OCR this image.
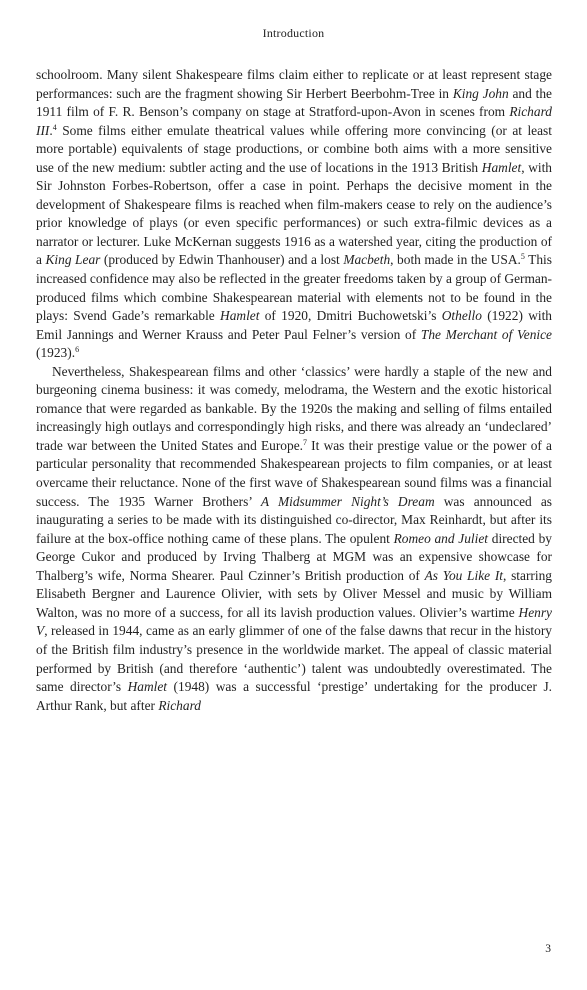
Introduction

schoolroom. Many silent Shakespeare films claim either to replicate or at least represent stage performances: such are the fragment showing Sir Herbert Beerbohm-Tree in King John and the 1911 film of F. R. Benson’s company on stage at Stratford-upon-Avon in scenes from Richard III.$^4$ Some films either emulate theatrical values while offering more convincing (or at least more portable) equivalents of stage productions, or combine both aims with a more sensitive use of the new medium: subtler acting and the use of locations in the 1913 British Hamlet, with Sir Johnston Forbes-Robertson, offer a case in point. Perhaps the decisive moment in the development of Shakespeare films is reached when film-makers cease to rely on the audience’s prior knowledge of plays (or even specific performances) or such extra-filmic devices as a narrator or lecturer. Luke McKernan suggests 1916 as a watershed year, citing the production of a King Lear (produced by Edwin Thanhouser) and a lost Macbeth, both made in the USA.$^5$ This increased confidence may also be reflected in the greater freedoms taken by a group of German-produced films which combine Shakespearean material with elements not to be found in the plays: Svend Gade’s remarkable Hamlet of 1920, Dmitri Buchowetski’s Othello (1922) with Emil Jannings and Werner Krauss and Peter Paul Felner’s version of The Merchant of Venice (1923).$^6$

Nevertheless, Shakespearean films and other ‘classics’ were hardly a staple of the new and burgeoning cinema business: it was comedy, melodrama, the Western and the exotic historical romance that were regarded as bankable. By the 1920s the making and selling of films entailed increasingly high outlays and correspondingly high risks, and there was already an ‘undeclared’ trade war between the United States and Europe.$^7$ It was their prestige value or the power of a particular personality that recommended Shakespearean projects to film companies, or at least overcame their reluctance. None of the first wave of Shakespearean sound films was a financial success. The 1935 Warner Brothers’ A Midsummer Night’s Dream was announced as inaugurating a series to be made with its distinguished co-director, Max Reinhardt, but after its failure at the box-office nothing came of these plans. The opulent Romeo and Juliet directed by George Cukor and produced by Irving Thalberg at MGM was an expensive showcase for Thalberg’s wife, Norma Shearer. Paul Czinner’s British production of As You Like It, starring Elisabeth Bergner and Laurence Olivier, with sets by Oliver Messel and music by William Walton, was no more of a success, for all its lavish production values. Olivier’s wartime Henry V, released in 1944, came as an early glimmer of one of the false dawns that recur in the history of the British film industry’s presence in the worldwide market. The appeal of classic material performed by British (and therefore ‘authentic’) talent was undoubtedly overestimated. The same director’s Hamlet (1948) was a successful ‘prestige’ undertaking for the producer J. Arthur Rank, but after Richard

3
